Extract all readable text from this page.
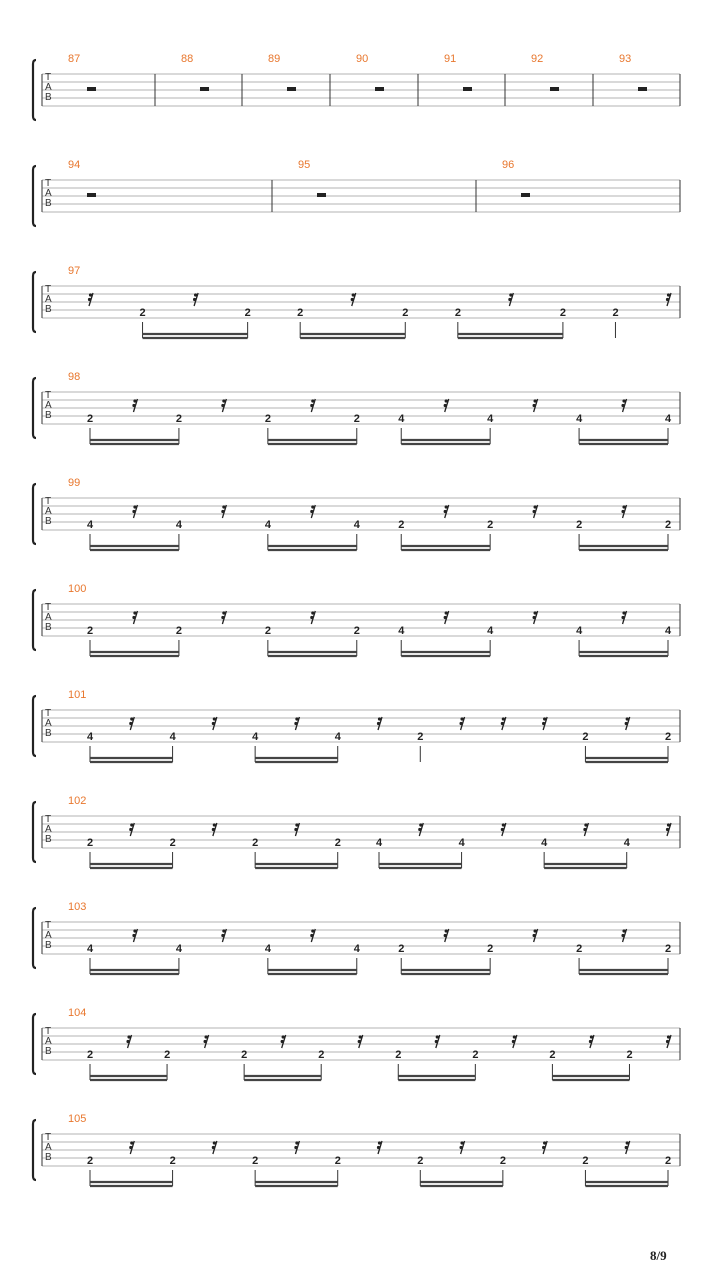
T
A
B
87	88	89	90	91	92	93
T
A
B
94	95	96
T
A
B
97
2	2	2	2	2	2	2
T
A
B
98
2	2	2	2	4	4	4	4
T
A
B
99
4	4	4	4	2	2	2	2
T
A
B
100
2	2	2	2	4	4	4	4
T
A
B
101
4	4	4	4	2	2	2
T
A
B
102
2	2	2	2	4	4	4	4
T
A
B
103
4	4	4	4	2	2	2	2
T
A
B
104
2	2	2	2	2	2	2	2
T
A
B
105
2	2	2	2	2	2	2	2
8/9
